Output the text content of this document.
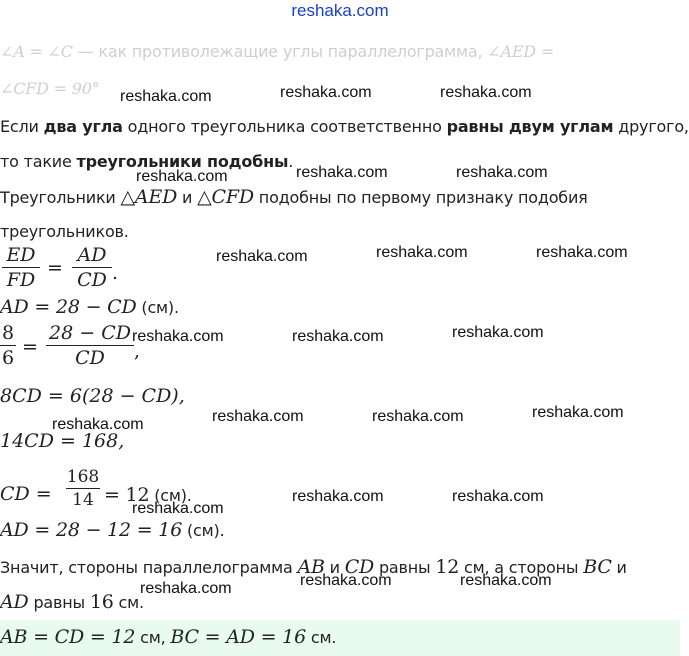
reshaka.com
∠A = ∠C — как противолежащие углы параллелограмма, ∠AED =
∠CFD = 90°
Если два угла одного треугольника соответственно равны двум углам другого,
то такие треугольники подобны.
Треугольники △AED и △CFD подобны по первому признаку подобия
треугольников.
ED
FD
=
AD
CD .
AD = 28 − CD (см).
8
6 =
28 − CD
CD	,
8CD = 6(28 − CD),
14CD = 168,
CD =
168
14 = 12 (см).
AD = 28 − 12 = 16 (см).
Значит, стороны параллелограмма AB и CD равны 12 см, а стороны BC и
AD равны 16 см.
AB = CD = 12 см, BC = AD = 16 см.
reshaka.com	reshaka.com	reshaka.com
reshaka.com	reshaka.com	reshaka.com
reshaka.com	reshaka.com	reshaka.com
reshaka.com	reshaka.com	reshaka.com
reshaka.com	reshaka.com	reshaka.com	reshaka.com
reshaka.com
reshaka.com	reshaka.com
reshaka.com	reshaka.com	reshaka.com
